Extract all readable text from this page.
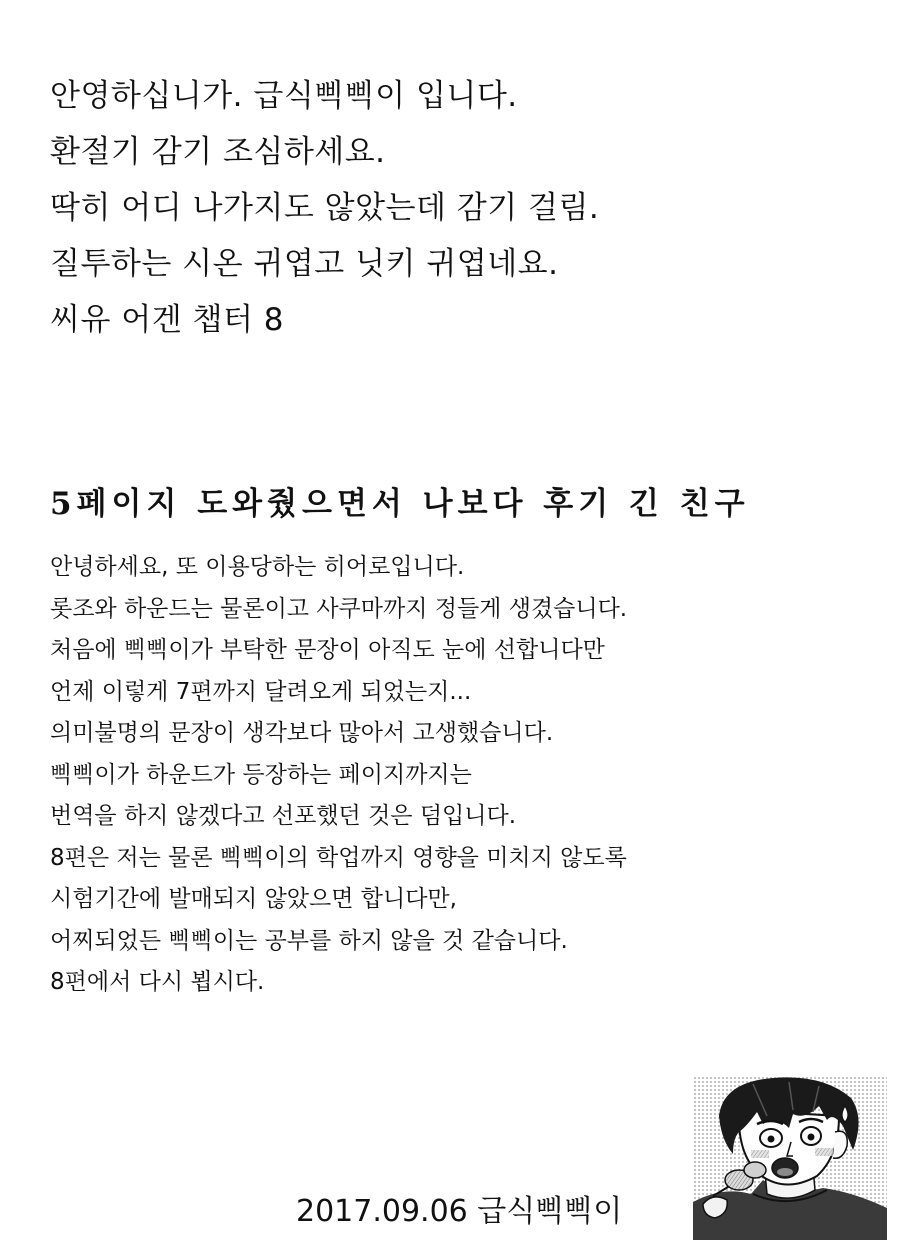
안영하십니가. 급식삑삑이 입니다.
환절기 감기 조심하세요.
딱히 어디 나가지도 않았는데 감기 걸림.
질투하는 시온 귀엽고 닛키 귀엽네요.
씨유 어겐 챕터 8
5페이지 도와줬으면서 나보다 후기 긴 친구
안녕하세요, 또 이용당하는 히어로입니다.
롯조와 하운드는 물론이고 사쿠마까지 정들게 생겼습니다.
처음에 삑삑이가 부탁한 문장이 아직도 눈에 선합니다만
언제 이렇게 7편까지 달려오게 되었는지...
의미불명의 문장이 생각보다 많아서 고생했습니다.
삑삑이가 하운드가 등장하는 페이지까지는
번역을 하지 않겠다고 선포했던 것은 덤입니다.
8편은 저는 물론 삑삑이의 학업까지 영향을 미치지 않도록
시험기간에 발매되지 않았으면 합니다만,
어찌되었든 삑삑이는 공부를 하지 않을 것 같습니다.
8편에서 다시 뵙시다.
2017.09.06 급식삑삑이
